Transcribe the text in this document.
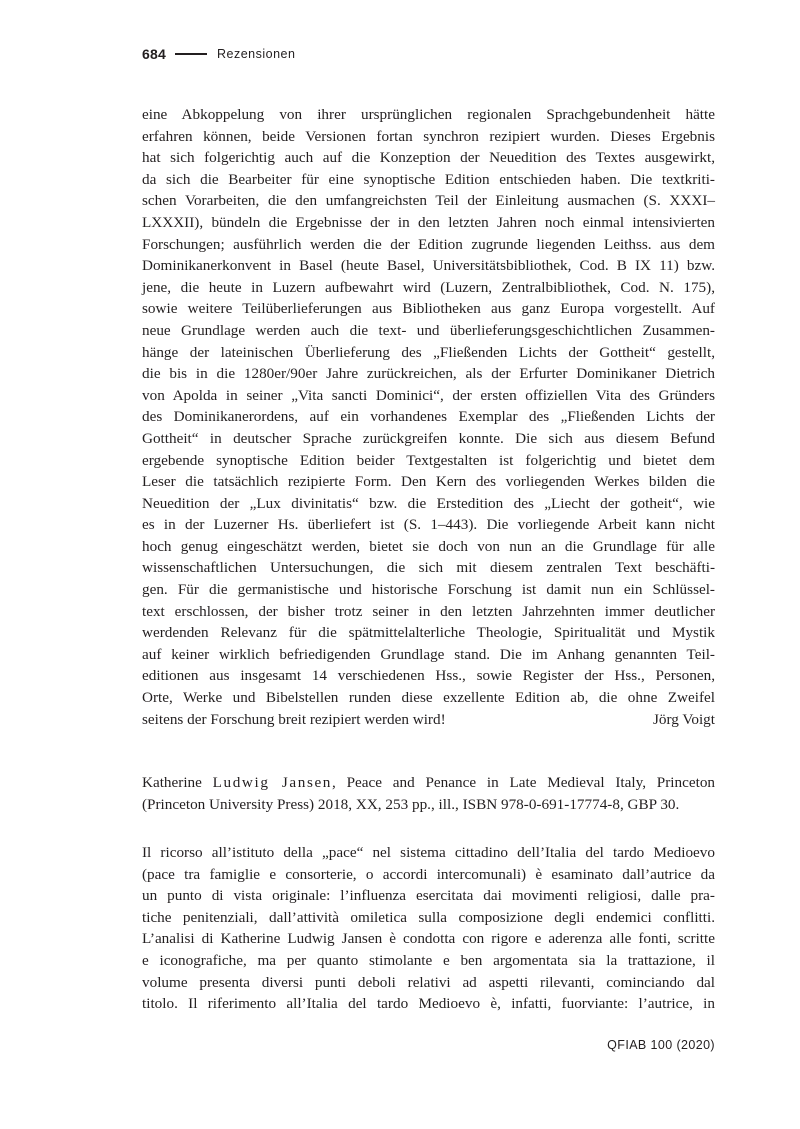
684	Rezensionen
eine Abkoppelung von ihrer ursprünglichen regionalen Sprachgebundenheit hätte
erfahren können, beide Versionen fortan synchron rezipiert wurden. Dieses Ergebnis
hat sich folgerichtig auch auf die Konzeption der Neuedition des Textes ausgewirkt,
da sich die Bearbeiter für eine synoptische Edition entschieden haben. Die textkriti-
schen Vorarbeiten, die den umfangreichsten Teil der Einleitung ausmachen (S. XXXI–
LXXXII), bündeln die Ergebnisse der in den letzten Jahren noch einmal intensivierten
Forschungen; ausführlich werden die der Edition zugrunde liegenden Leithss. aus dem
Dominikanerkonvent in Basel (heute Basel, Universitätsbibliothek, Cod. B IX 11) bzw.
jene, die heute in Luzern aufbewahrt wird (Luzern, Zentralbibliothek, Cod. N. 175),
sowie weitere Teilüberlieferungen aus Bibliotheken aus ganz Europa vorgestellt. Auf
neue Grundlage werden auch die text- und überlieferungsgeschichtlichen Zusammen-
hänge der lateinischen Überlieferung des „Fließenden Lichts der Gottheit“ gestellt,
die bis in die 1280er/90er Jahre zurückreichen, als der Erfurter Dominikaner Dietrich
von Apolda in seiner „Vita sancti Dominici“, der ersten offiziellen Vita des Gründers
des Dominikanerordens, auf ein vorhandenes Exemplar des „Fließenden Lichts der
Gottheit“ in deutscher Sprache zurückgreifen konnte. Die sich aus diesem Befund
ergebende synoptische Edition beider Textgestalten ist folgerichtig und bietet dem
Leser die tatsächlich rezipierte Form. Den Kern des vorliegenden Werkes bilden die
Neuedition der „Lux divinitatis“ bzw. die Erstedition des „Liecht der gotheit“, wie
es in der Luzerner Hs. überliefert ist (S. 1–443). Die vorliegende Arbeit kann nicht
hoch genug eingeschätzt werden, bietet sie doch von nun an die Grundlage für alle
wissenschaftlichen Untersuchungen, die sich mit diesem zentralen Text beschäfti-
gen. Für die germanistische und historische Forschung ist damit nun ein Schlüssel-
text erschlossen, der bisher trotz seiner in den letzten Jahrzehnten immer deutlicher
werdenden Relevanz für die spätmittelalterliche Theologie, Spiritualität und Mystik
auf keiner wirklich befriedigenden Grundlage stand. Die im Anhang genannten Teil-
editionen aus insgesamt 14 verschiedenen Hss., sowie Register der Hss., Personen,
Orte, Werke und Bibelstellen runden diese exzellente Edition ab, die ohne Zweifel
seitens der Forschung breit rezipiert werden wird!	Jörg Voigt
Katherine Ludwig Jansen, Peace and Penance in Late Medieval Italy, Princeton
(Princeton University Press) 2018, XX, 253 pp., ill., ISBN 978-0-691-17774-8, GBP 30.
Il ricorso all’istituto della „pace“ nel sistema cittadino dell’Italia del tardo Medioevo
(pace tra famiglie e consorterie, o accordi intercomunali) è esaminato dall’autrice da
un punto di vista originale: l’influenza esercitata dai movimenti religiosi, dalle pra-
tiche penitenziali, dall’attività omiletica sulla composizione degli endemici conflitti.
L’analisi di Katherine Ludwig Jansen è condotta con rigore e aderenza alle fonti, scritte
e iconografiche, ma per quanto stimolante e ben argomentata sia la trattazione, il
volume presenta diversi punti deboli relativi ad aspetti rilevanti, cominciando dal
titolo. Il riferimento all’Italia del tardo Medioevo è, infatti, fuorviante: l’autrice, in
QFIAB 100 (2020)
